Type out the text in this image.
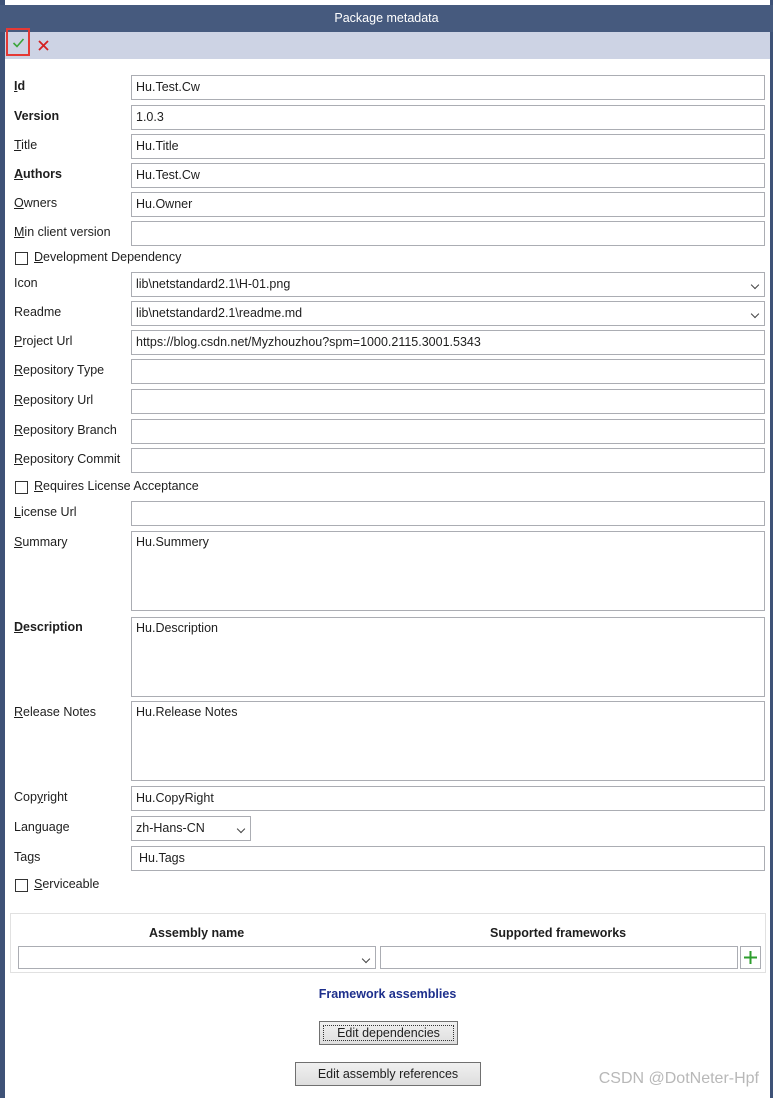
Package metadata
Id	Hu.Test.Cw
Version	1.0.3
Title	Hu.Title
Authors	Hu.Test.Cw
Owners	Hu.Owner
Min client version
Development Dependency
Icon	lib\netstandard2.1\H-01.png
Readme	lib\netstandard2.1\readme.md
Project Url	https://blog.csdn.net/Myzhouzhou?spm=1000.2115.3001.5343
Repository Type
Repository Url
Repository Branch
Repository Commit
Requires License Acceptance
License Url
Summary	Hu.Summery
Description	Hu.Description
Release Notes	Hu.Release Notes
Copyright	Hu.CopyRight
Language	zh-Hans-CN
Tags	Hu.Tags
Serviceable
Assembly name	Supported frameworks
Framework assemblies
Edit dependencies
Edit assembly references	CSDN @DotNeter-Hpf
